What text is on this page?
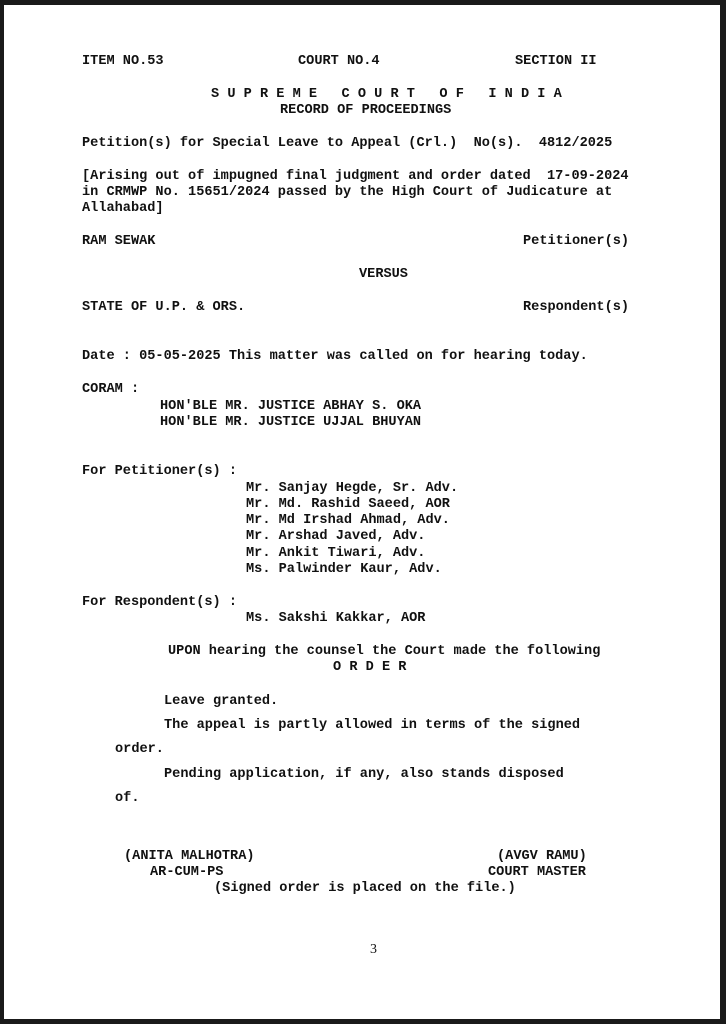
ITEM NO.53	COURT NO.4	SECTION II
S U P R E M E   C O U R T   O F   I N D I A
RECORD OF PROCEEDINGS
Petition(s) for Special Leave to Appeal (Crl.)  No(s).  4812/2025
[Arising out of impugned final judgment and order dated  17-09-2024
in CRMWP No. 15651/2024 passed by the High Court of Judicature at
Allahabad]
RAM SEWAK	Petitioner(s)
VERSUS
STATE OF U.P. & ORS.	Respondent(s)
Date : 05-05-2025 This matter was called on for hearing today.
CORAM :
HON'BLE MR. JUSTICE ABHAY S. OKA
HON'BLE MR. JUSTICE UJJAL BHUYAN
For Petitioner(s) :
Mr. Sanjay Hegde, Sr. Adv.
Mr. Md. Rashid Saeed, AOR
Mr. Md Irshad Ahmad, Adv.
Mr. Arshad Javed, Adv.
Mr. Ankit Tiwari, Adv.
Ms. Palwinder Kaur, Adv.
For Respondent(s) :
Ms. Sakshi Kakkar, AOR
UPON hearing the counsel the Court made the following
O R D E R
Leave granted.
The appeal is partly allowed in terms of the signed
order.
Pending application, if any, also stands disposed
of.
(ANITA MALHOTRA)
AR-CUM-PS
(AVGV RAMU)
COURT MASTER
(Signed order is placed on the file.)
3
